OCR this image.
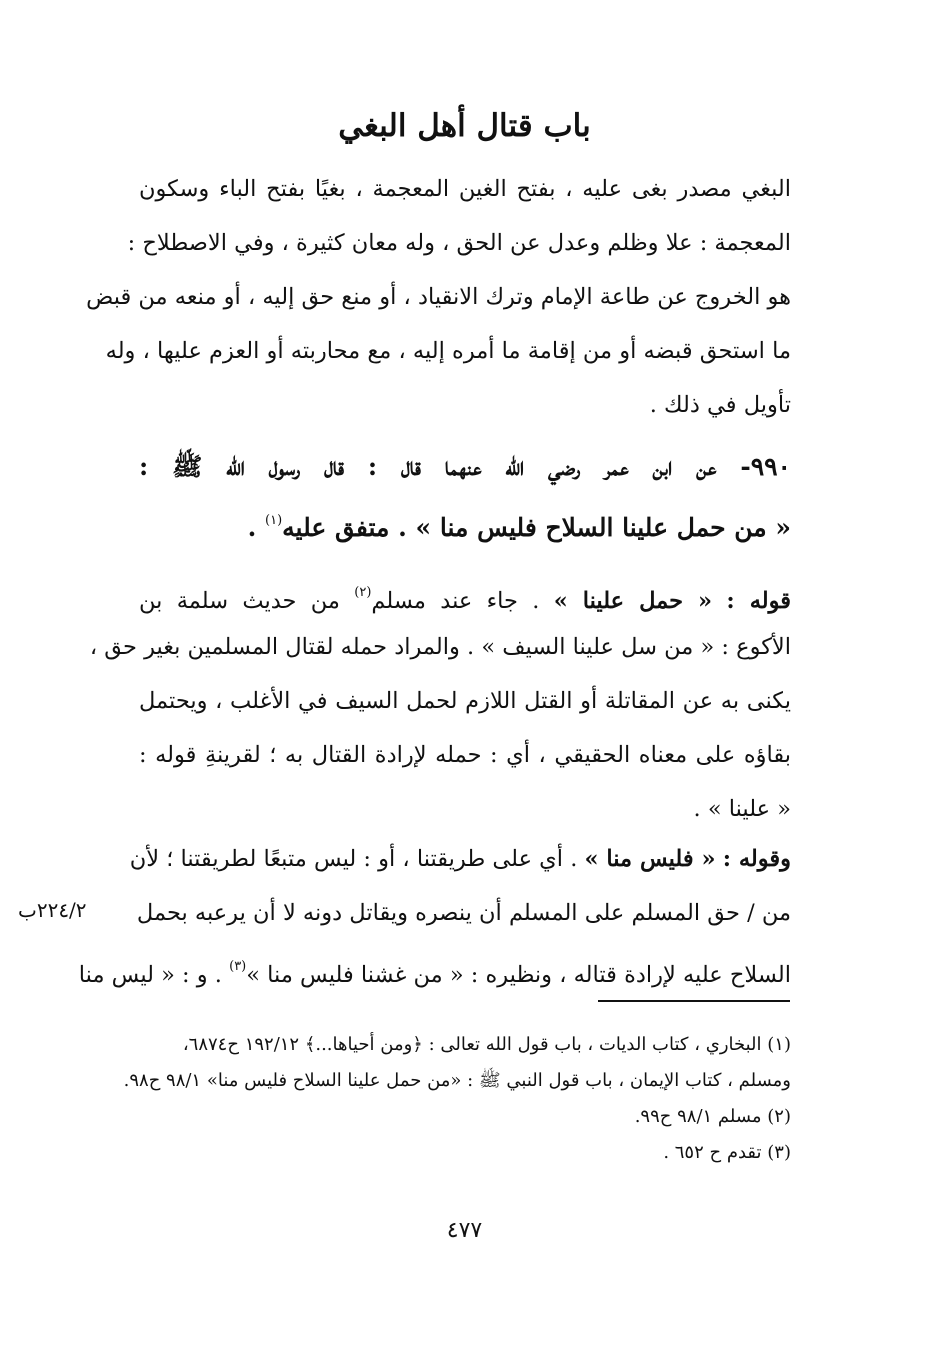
باب قتال أهل البغي
البغي مصدر بغى عليه ، بفتح الغين المعجمة ، بغيًا بفتح الباء وسكون
المعجمة : علا وظلم وعدل عن الحق ، وله معان كثيرة ، وفي الاصطلاح :
هو الخروج عن طاعة الإمام وترك الانقياد ، أو منع حق إليه ، أو منعه من قبض
ما استحق قبضه أو من إقامة ما أمره إليه ، مع محاربته أو العزم عليها ، وله
تأويل في ذلك .
٩٩٠- عن ابن عمر رضي الله عنهما قال : قال رسول الله ﷺ :
« من حمل علينا السلاح فليس منا » . متفق عليه$^{(١)}$ .
قوله : « حمل علينا » . جاء عند مسلم$^{(٢)}$ من حديث سلمة بن
الأكوع : « من سل علينا السيف » . والمراد حمله لقتال المسلمين بغير حق ،
يكنى به عن المقاتلة أو القتل اللازم لحمل السيف في الأغلب ، ويحتمل
بقاؤه على معناه الحقيقي ، أي : حمله لإرادة القتال به ؛ لقرينةِ قوله :
« علينا » .
وقوله : « فليس منا » . أي على طريقتنا ، أو : ليس متبعًا لطريقتنا ؛ لأن
من / حق المسلم على المسلم أن ينصره ويقاتل دونه لا أن يرعبه بحمل
السلاح عليه لإرادة قتاله ، ونظيره : « من غشنا فليس منا »$^{(٣)}$ . و : « ليس منا
٢٢٤/٢ب
(١) البخاري ، كتاب الديات ، باب قول الله تعالى : ﴿ومن أحياها...﴾ ١٩٢/١٢ ح٦٨٧٤،
ومسلم ، كتاب الإيمان ، باب قول النبي ﷺ : «من حمل علينا السلاح فليس منا» ٩٨/١ ح٩٨.
(٢) مسلم ٩٨/١ ح٩٩.
(٣) تقدم ح ٦٥٢ .
٤٧٧
